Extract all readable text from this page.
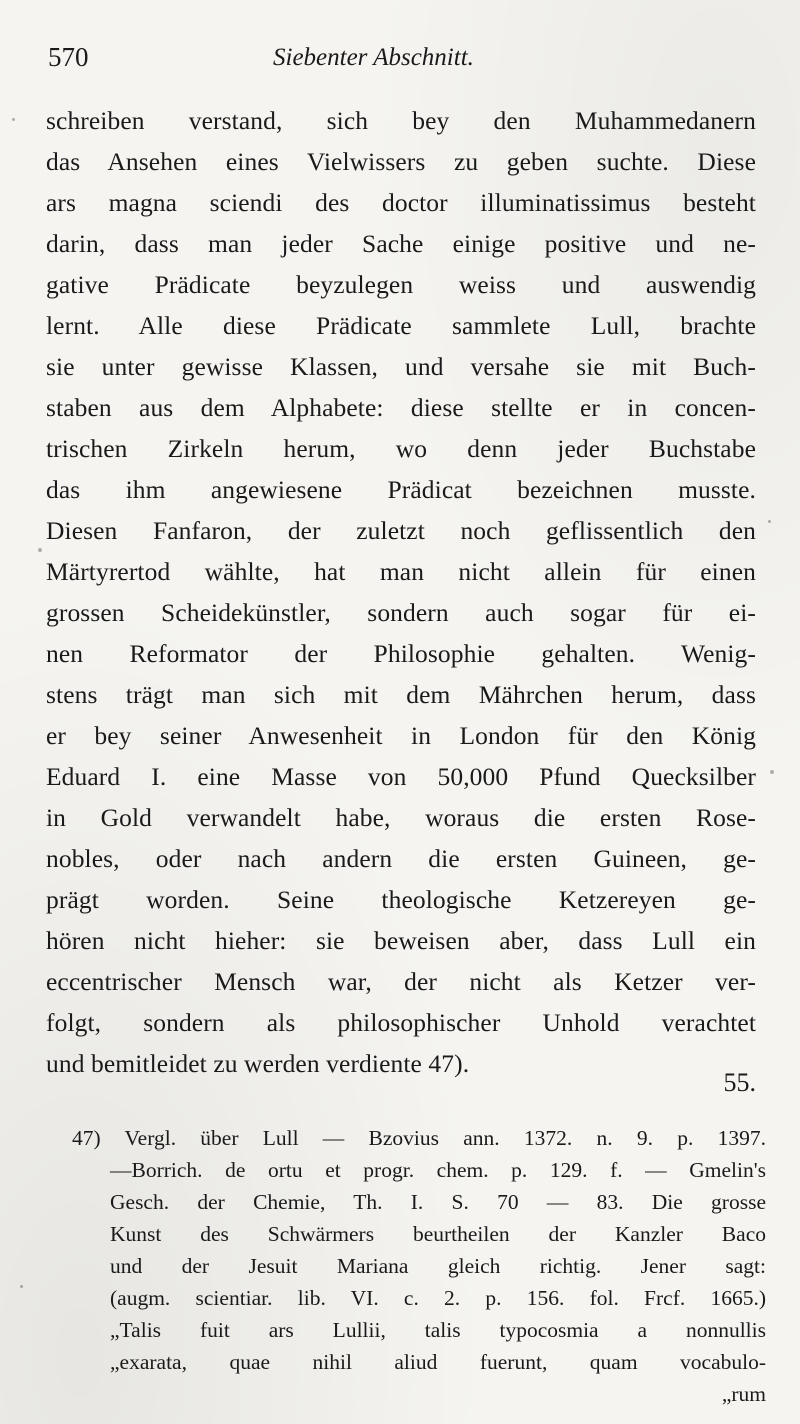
570	Siebenter Abschnitt.
schreiben verstand, sich bey den Muhammedanern
das Ansehen eines Vielwissers zu geben suchte. Diese
ars magna sciendi des doctor illuminatissimus besteht
darin, dass man jeder Sache einige positive und ne-
gative Prädicate beyzulegen weiss und auswendig
lernt. Alle diese Prädicate sammlete Lull, brachte
sie unter gewisse Klassen, und versahe sie mit Buch-
staben aus dem Alphabete: diese stellte er in concen-
trischen Zirkeln herum, wo denn jeder Buchstabe
das ihm angewiesene Prädicat bezeichnen musste.
Diesen Fanfaron, der zuletzt noch geflissentlich den
Märtyrertod wählte, hat man nicht allein für einen
grossen Scheidekünstler, sondern auch sogar für ei-
nen Reformator der Philosophie gehalten. Wenig-
stens trägt man sich mit dem Mährchen herum, dass
er bey seiner Anwesenheit in London für den König
Eduard I. eine Masse von 50,000 Pfund Quecksilber
in Gold verwandelt habe, woraus die ersten Rose-
nobles, oder nach andern die ersten Guineen, ge-
prägt worden. Seine theologische Ketzereyen ge-
hören nicht hieher: sie beweisen aber, dass Lull ein
eccentrischer Mensch war, der nicht als Ketzer ver-
folgt, sondern als philosophischer Unhold verachtet
und bemitleidet zu werden verdiente 47).
55.
47) Vergl. über Lull — Bzovius ann. 1372. n. 9. p. 1397.
—Borrich. de ortu et progr. chem. p. 129. f. — Gmelin's
Gesch. der Chemie, Th. I. S. 70 — 83. Die grosse
Kunst des Schwärmers beurtheilen der Kanzler Baco
und der Jesuit Mariana gleich richtig. Jener sagt:
(augm. scientiar. lib. VI. c. 2. p. 156. fol. Frcf. 1665.)
„Talis fuit ars Lullii, talis typocosmia a nonnullis
„exarata, quae nihil aliud fuerunt, quam vocabulo-
„rum
